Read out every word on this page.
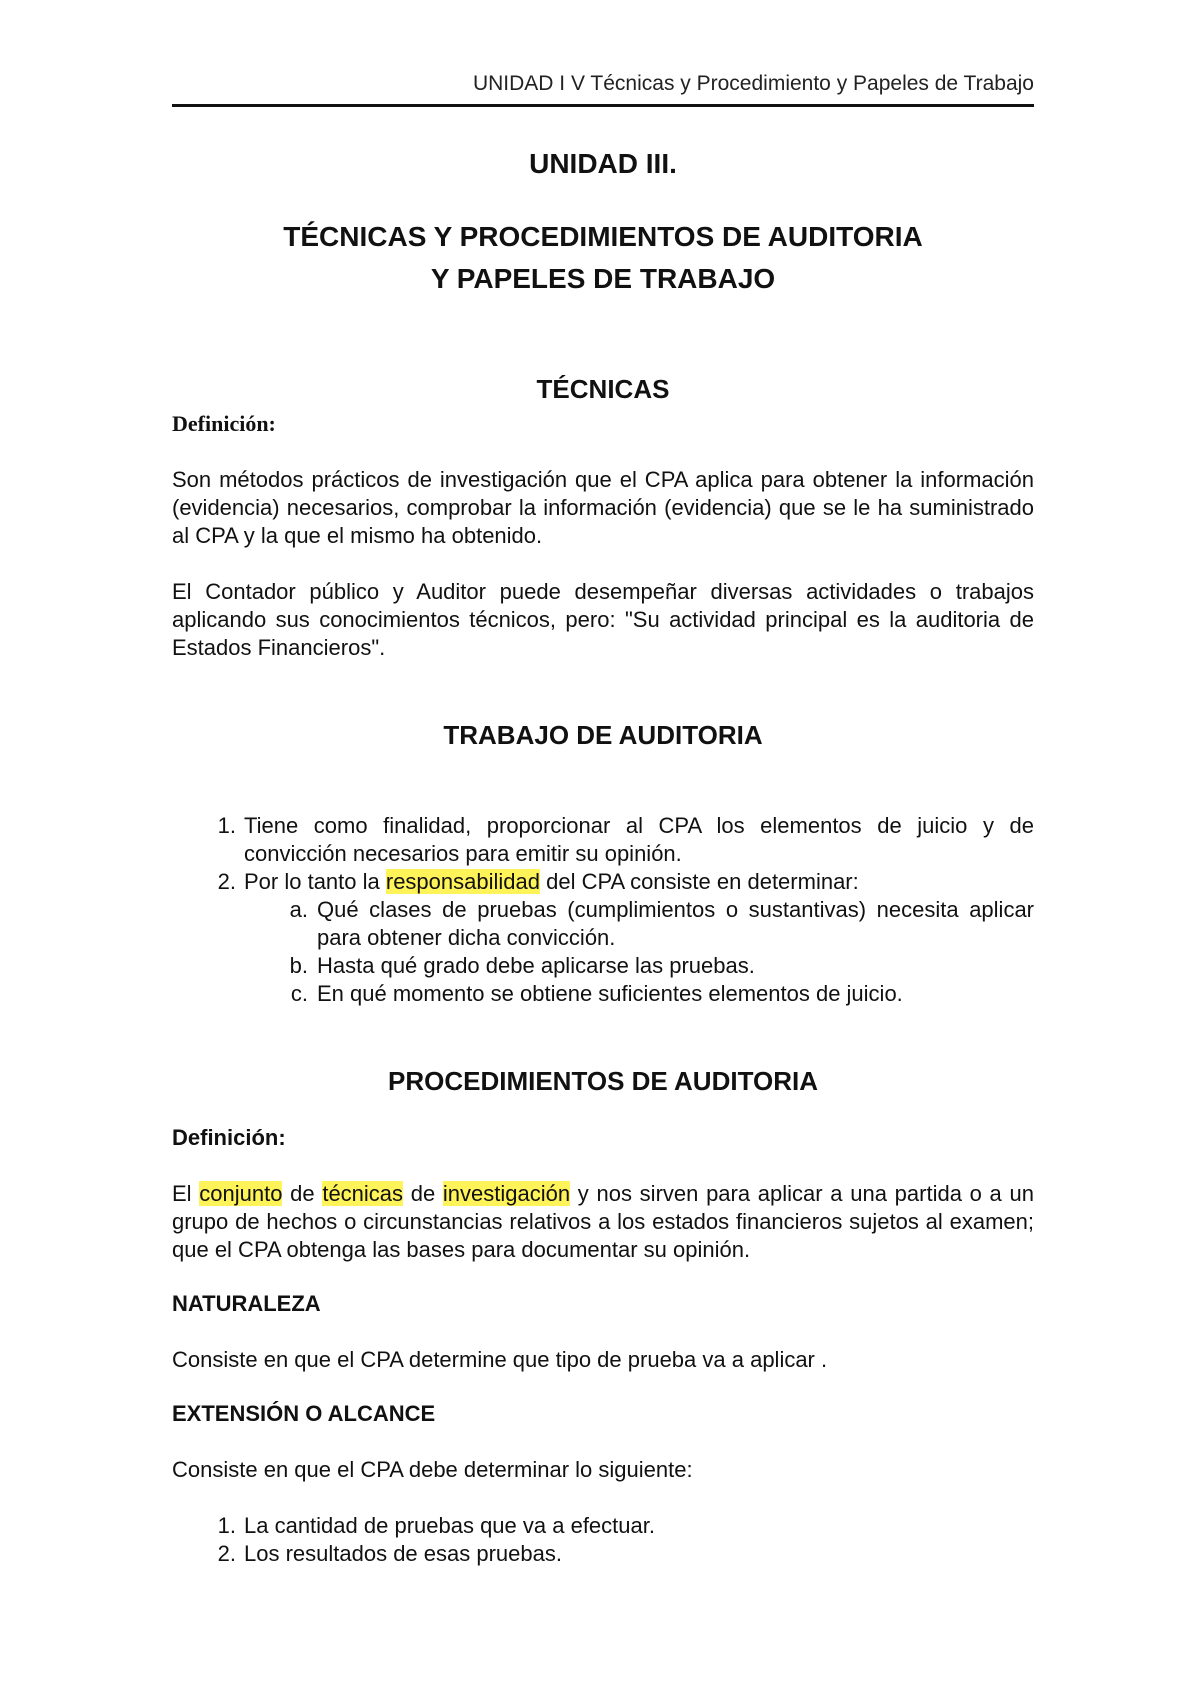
UNIDAD I V Técnicas y Procedimiento y Papeles de Trabajo
UNIDAD III.
TÉCNICAS Y PROCEDIMIENTOS DE AUDITORIA
Y PAPELES DE TRABAJO
TÉCNICAS
Definición:

Son métodos prácticos de investigación que el CPA aplica para obtener la información (evidencia) necesarios, comprobar la información (evidencia) que se le ha suministrado al CPA y la que el mismo ha obtenido.

El Contador público y Auditor puede desempeñar diversas actividades o trabajos aplicando sus conocimientos técnicos, pero: "Su actividad principal es la auditoria de Estados Financieros".

TRABAJO DE AUDITORIA
1. Tiene como finalidad, proporcionar al CPA los elementos de juicio y de convicción necesarios para emitir su opinión.
2. Por lo tanto la responsabilidad del CPA consiste en determinar:
a. Qué clases de pruebas (cumplimientos o sustantivas) necesita aplicar para obtener dicha convicción.
b. Hasta qué grado debe aplicarse las pruebas.
c. En qué momento se obtiene suficientes elementos de juicio.
PROCEDIMIENTOS DE AUDITORIA
Definición:

El conjunto de técnicas de investigación y nos sirven para aplicar a una partida o a un grupo de hechos o circunstancias relativos a los estados financieros sujetos al examen; que el CPA obtenga las bases para documentar su opinión.

NATURALEZA

Consiste en que el CPA determine que tipo de prueba va a aplicar .

EXTENSIÓN O ALCANCE

Consiste en que el CPA debe determinar lo siguiente:

1. La cantidad de pruebas que va a efectuar.
2. Los resultados de esas pruebas.
